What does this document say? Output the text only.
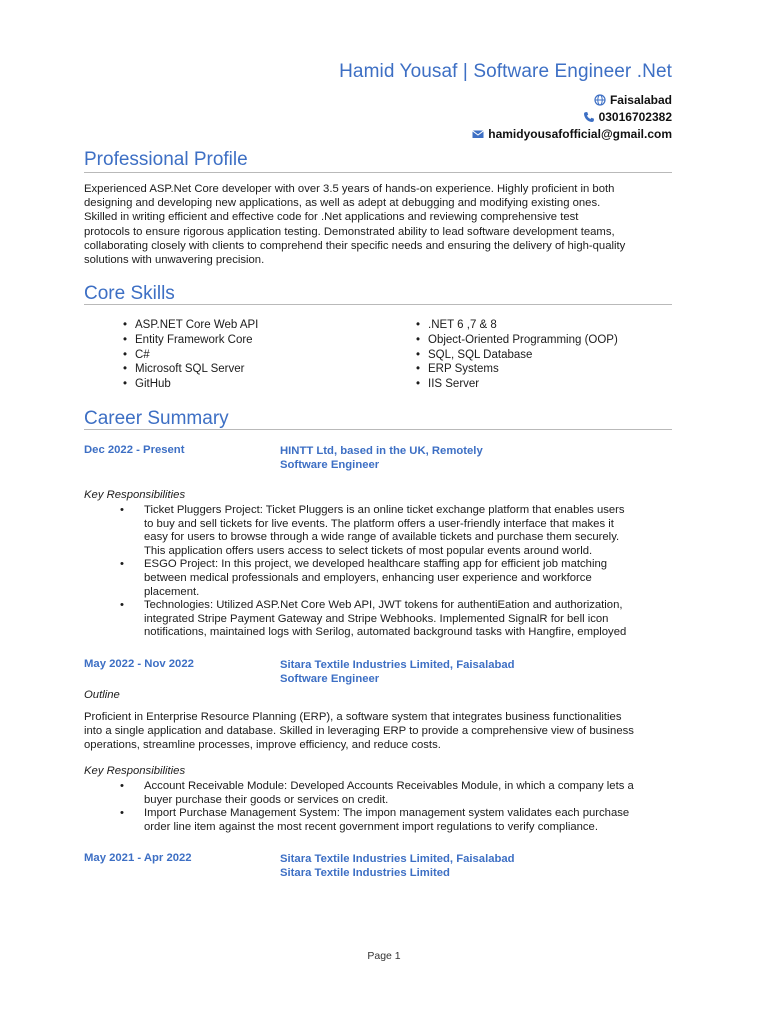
Hamid Yousaf | Software Engineer .Net
Faisalabad
03016702382
hamidyousafofficial@gmail.com
Professional Profile
Experienced ASP.Net Core developer with over 3.5 years of hands-on experience. Highly proficient in both
designing and developing new applications, as well as adept at debugging and modifying existing ones.
Skilled in writing efficient and effective code for .Net applications and reviewing comprehensive test
protocols to ensure rigorous application testing. Demonstrated ability to lead software development teams,
collaborating closely with clients to comprehend their specific needs and ensuring the delivery of high-quality
solutions with unwavering precision.
Core Skills
• ASP.NET Core Web API
• Entity Framework Core
• C#
• Microsoft SQL Server
• GitHub
• .NET 6 ,7 & 8
• Object-Oriented Programming (OOP)
• SQL, SQL Database
• ERP Systems
• IIS Server
Career Summary
Dec 2022 - Present	HINTT Ltd, based in the UK, Remotely
Software Engineer
Key Responsibilities
• Ticket Pluggers Project: Ticket Pluggers is an online ticket exchange platform that enables users
to buy and sell tickets for live events. The platform offers a user-friendly interface that makes it
easy for users to browse through a wide range of available tickets and purchase them securely.
This application offers users access to select tickets of most popular events around world.
• ESGO Project: In this project, we developed healthcare staffing app for efficient job matching
between medical professionals and employers, enhancing user experience and workforce
placement.
• Technologies: Utilized ASP.Net Core Web API, JWT tokens for authentiEation and authorization,
integrated Stripe Payment Gateway and Stripe Webhooks. Implemented SignalR for bell icon
notifications, maintained logs with Serilog, automated background tasks with Hangfire, employed
May 2022 - Nov 2022	Sitara Textile Industries Limited, Faisalabad
Software Engineer
Outline
Proficient in Enterprise Resource Planning (ERP), a software system that integrates business functionalities
into a single application and database. Skilled in leveraging ERP to provide a comprehensive view of business
operations, streamline processes, improve efficiency, and reduce costs.
Key Responsibilities
• Account Receivable Module: Developed Accounts Receivables Module, in which a company lets a
buyer purchase their goods or services on credit.
• Import Purchase Management System: The impon management system validates each purchase
order line item against the most recent government import regulations to verify compliance.
May 2021 - Apr 2022	Sitara Textile Industries Limited, Faisalabad
Sitara Textile Industries Limited
Page 1
